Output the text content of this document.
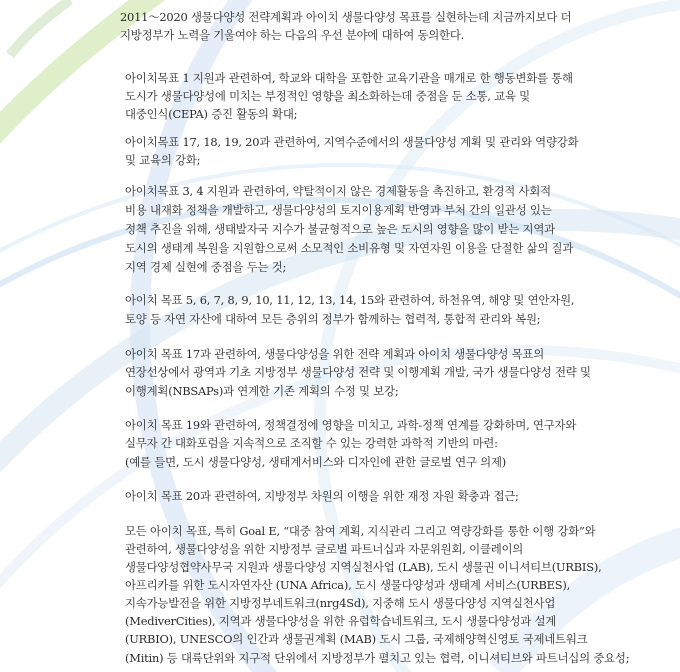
2011～2020 생물다양성 전략계획과 아이치 생물다양성 목표를 실현하는데 지금까지보다 더
지방정부가 노력을 기울여야 하는 다음의 우선 분야에 대하여 동의한다.
아이치목표 1 지원과 관련하여, 학교와 대학을 포함한 교육기관을 매개로 한 행동변화를 통해
도시가 생물다양성에 미치는 부정적인 영향을 최소화하는데 중점을 둔 소통, 교육 및
대중인식(CEPA) 증진 활동의 확대;
아이치목표 17, 18, 19, 20과 관련하여, 지역수준에서의 생물다양성 계획 및 관리와 역량강화
및 교육의 강화;
아이치목표 3, 4 지원과 관련하여, 약탈적이지 않은 경제활동을 촉진하고, 환경적 사회적
비용 내재화 정책을 개발하고, 생물다양성의 토지이용계획 반영과 부처 간의 일관성 있는
정책 추진을 위해, 생태발자국 지수가 불균형적으로 높은 도시의 영향을 많이 받는 지역과
도시의 생태계 복원을 지원함으로써 소모적인 소비유형 및 자연자원 이용을 단절한 삶의 질과
지역 경제 실현에 중점을 두는 것;
아이치 목표 5, 6, 7, 8, 9, 10, 11, 12, 13, 14, 15와 관련하여, 하천유역, 해양 및 연안자원,
토양 등 자연 자산에 대하여 모든 층위의 정부가 함께하는 협력적, 통합적 관리와 복원;
아이치 목표 17과 관련하여, 생물다양성을 위한 전략 계획과 아이치 생물다양성 목표의
연장선상에서 광역과 기초 지방정부 생물다양성 전략 및 이행계획 개발, 국가 생물다양성 전략 및
이행계획(NBSAPs)과 연계한 기존 계획의 수정 및 보강;
아이치 목표 19와 관련하여, 정책결정에 영향을 미치고, 과학-정책 연계를 강화하며, 연구자와
실무자 간 대화포럼을 지속적으로 조직할 수 있는 강력한 과학적 기반의 마련:
(예를 들면, 도시 생물다양성, 생태계서비스와 디자인에 관한 글로벌 연구 의제)
아이치 목표 20과 관련하여, 지방정부 차원의 이행을 위한 재정 자원 확충과 접근;
모든 아이치 목표, 특히 Goal E, “대중 참여 계획, 지식관리 그리고 역량강화를 통한 이행 강화”와
관련하여, 생물다양성을 위한 지방정부 글로벌 파트너십과 자문위원회, 이클레이의
생물다양성협약사무국 지원과 생물다양성 지역실천사업 (LAB), 도시 생물권 이니셔티브(URBIS),
아프리카를 위한 도시자연자산 (UNA Africa), 도시 생물다양성과 생태계 서비스(URBES),
지속가능발전을 위한 지방정부네트워크(nrg4Sd), 지중해 도시 생물다양성 지역실천사업
(MediverCities), 지역과 생물다양성을 위한 유럽학습네트워크, 도시 생물다양성과 설계
(URBIO), UNESCO의 인간과 생물권계획 (MAB) 도시 그룹, 국제해양혁신영토 국제네트워크
(Mitin) 등 대륙단위와 지구적 단위에서 지방정부가 펼치고 있는 협력, 이니셔티브와 파트너십의 중요성;
